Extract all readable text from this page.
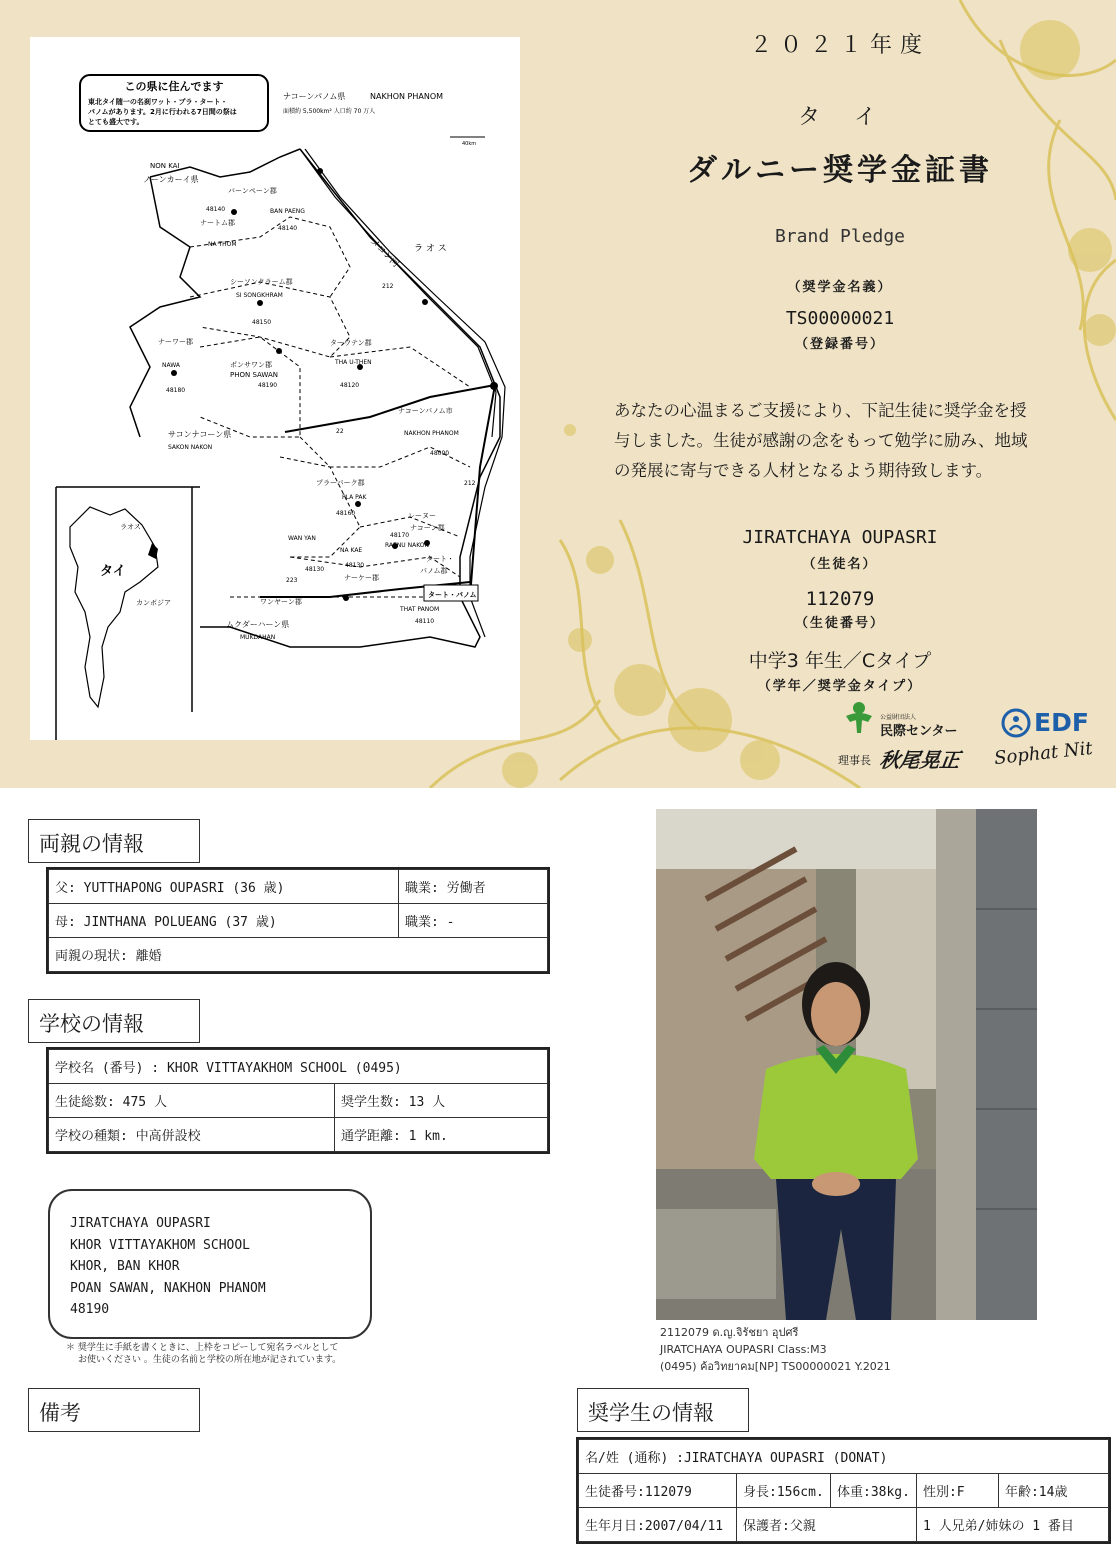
この県に住んでます
東北タイ随一の名刹ワット・プラ・タート・
パノムがあります。2月に行われる7日間の祭は
とても盛大です。
ナコーンパノム県	NAKHON PHANOM
面積約 5,500km² 人口約 70 万人
40km
NON KAI
ノーンカーイ県
バーンペーン郡
BAN PAENG
48140
48140
ナートム郡
NA THOM	メコン河 ラ オ ス
212
シーソンクラーム郡
SI SONGKHRAM
48150
ナーワー郡
NAWA
48180
ポンサワン郡
PHON SAWAN
48190
ターウテン郡
THA U-THEN
48120
ナコーンパノム市
NAKHON PHANOM
48000
サコンナコーン県
SAKON NAKON
22
212
プラーパーク郡
PLA PAK
48160	レーヌー
ナコーン郡
48170
RAENU NAKON
WAN YAN
NA KAE
48130
ナーケー郡
223
48130
タート・
パノム郡
タート・パノム
THAT PANOM
48110
ワンヤーン郡
ムクダーハーン県
MUKDAHAN
ラオス
タイ
カンボジア
２０２１年度
タ　イ
ダルニー奨学金証書
Brand Pledge
（奨学金名義）
TS00000021
（登録番号）
あなたの心温まるご支援により、下記生徒に奨学金を授
与しました。生徒が感謝の念をもって勉学に励み、地域
の発展に寄与できる人材となるよう期待致します。
JIRATCHAYA OUPASRI
（生徒名）
112079
（生徒番号）
中学3 年生／Cタイプ
（学年／奨学金タイプ）
公益財団法人
民際センター
理事長 秋尾晃正
EDF
Sophat Nit
両親の情報
父: YUTTHAPONG OUPASRI (36 歳)	職業: 労働者
母: JINTHANA POLUEANG (37 歳)	職業: -
両親の現状: 離婚	
学校の情報
学校名 (番号) : KHOR VITTAYAKHOM SCHOOL (0495)	
生徒総数: 475 人	奨学生数: 13 人
学校の種類: 中高併設校	通学距離: 1 km.
JIRATCHAYA OUPASRI
KHOR VITTAYAKHOM SCHOOL
KHOR, BAN KHOR
POAN SAWAN, NAKHON PHANOM
48190
＊ 奨学生に手紙を書くときに、上枠をコピーして宛名ラベルとして
お使いください 。生徒の名前と学校の所在地が記されています。
2112079 ด.ญ.จิรัชยา อุปศรี
JIRATCHAYA OUPASRI Class:M3
(0495) ค้อวิทยาคม[NP] TS00000021 Y.2021
備考	奨学生の情報
名/姓 (通称) :JIRATCHAYA OUPASRI (DONAT)				
生徒番号:112079	身長:156cm.	体重:38kg.	性別:F	年齢:14歳
生年月日:2007/04/11	保護者:父親		1 人兄弟/姉妹の 1 番目	
